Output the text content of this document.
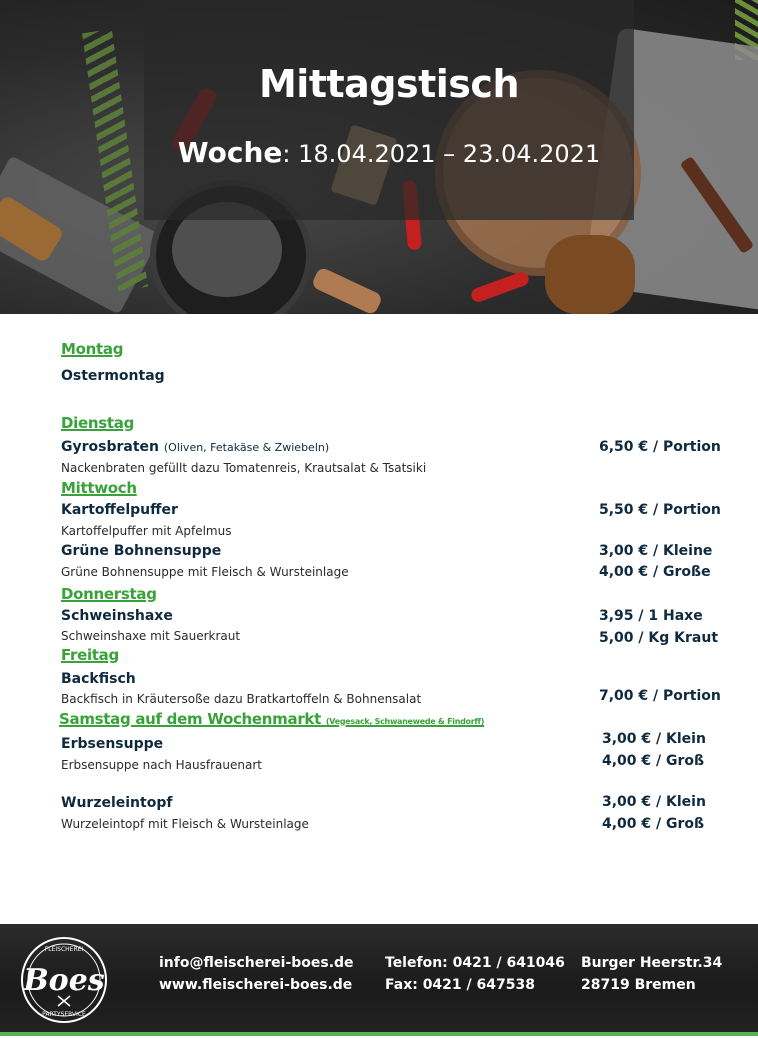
Mittagstisch
Woche: 18.04.2021 – 23.04.2021
Montag
Ostermontag
Dienstag
Gyrosbraten (Oliven, Fetakäse & Zwiebeln)
Nackenbraten gefüllt dazu Tomatenreis, Krautsalat & Tsatsiki
6,50 € / Portion
Mittwoch
Kartoffelpuffer
Kartoffelpuffer mit Apfelmus
5,50 € / Portion
Grüne Bohnensuppe
Grüne Bohnensuppe mit Fleisch & Wursteinlage
3,00 € / Kleine
4,00 € / Große
Donnerstag
Schweinshaxe
Schweinshaxe mit Sauerkraut
3,95 / 1 Haxe
5,00 / Kg Kraut
Freitag
Backfisch
Backfisch in Kräutersoße dazu Bratkartoffeln & Bohnensalat	7,00 € / Portion
Samstag auf dem Wochenmarkt (Vegesack, Schwanewede & Findorff)
Erbsensuppe
Erbsensuppe nach Hausfrauenart
3,00 € / Klein
4,00 € / Groß
Wurzeleintopf
Wurzeleintopf mit Fleisch & Wursteinlage
3,00 € / Klein
4,00 € / Groß
FLEISCHEREI
Boes
PARTYSERVICE
info@fleischerei-boes.de
www.fleischerei-boes.de
Telefon: 0421 / 641046
Fax: 0421 / 647538
Burger Heerstr.34
28719 Bremen
